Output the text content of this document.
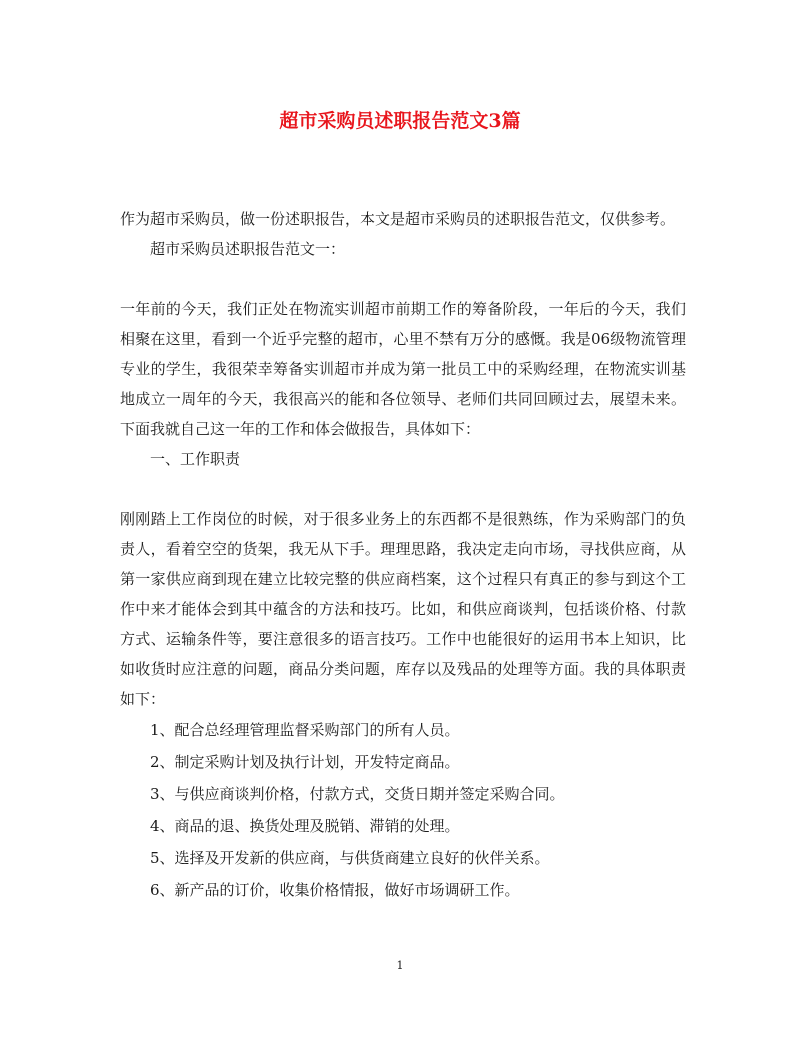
超市采购员述职报告范文3篇

作为超市采购员，做一份述职报告，本文是超市采购员的述职报告范文，仅供参考。

超市采购员述职报告范文一：

一年前的今天，我们正处在物流实训超市前期工作的筹备阶段，一年后的今天，我们相聚在这里，看到一个近乎完整的超市，心里不禁有万分的感慨。我是06级物流管理专业的学生，我很荣幸筹备实训超市并成为第一批员工中的采购经理，在物流实训基地成立一周年的今天，我很高兴的能和各位领导、老师们共同回顾过去，展望未来。下面我就自己这一年的工作和体会做报告，具体如下：

一、工作职责

刚刚踏上工作岗位的时候，对于很多业务上的东西都不是很熟练，作为采购部门的负责人，看着空空的货架，我无从下手。理理思路，我决定走向市场，寻找供应商，从第一家供应商到现在建立比较完整的供应商档案，这个过程只有真正的参与到这个工作中来才能体会到其中蕴含的方法和技巧。比如，和供应商谈判，包括谈价格、付款方式、运输条件等，要注意很多的语言技巧。工作中也能很好的运用书本上知识，比如收货时应注意的问题，商品分类问题，库存以及残品的处理等方面。我的具体职责如下：

1、配合总经理管理监督采购部门的所有人员。

2、制定采购计划及执行计划，开发特定商品。

3、与供应商谈判价格，付款方式，交货日期并签定采购合同。

4、商品的退、换货处理及脱销、滞销的处理。

5、选择及开发新的供应商，与供货商建立良好的伙伴关系。

6、新产品的订价，收集价格情报，做好市场调研工作。

1
